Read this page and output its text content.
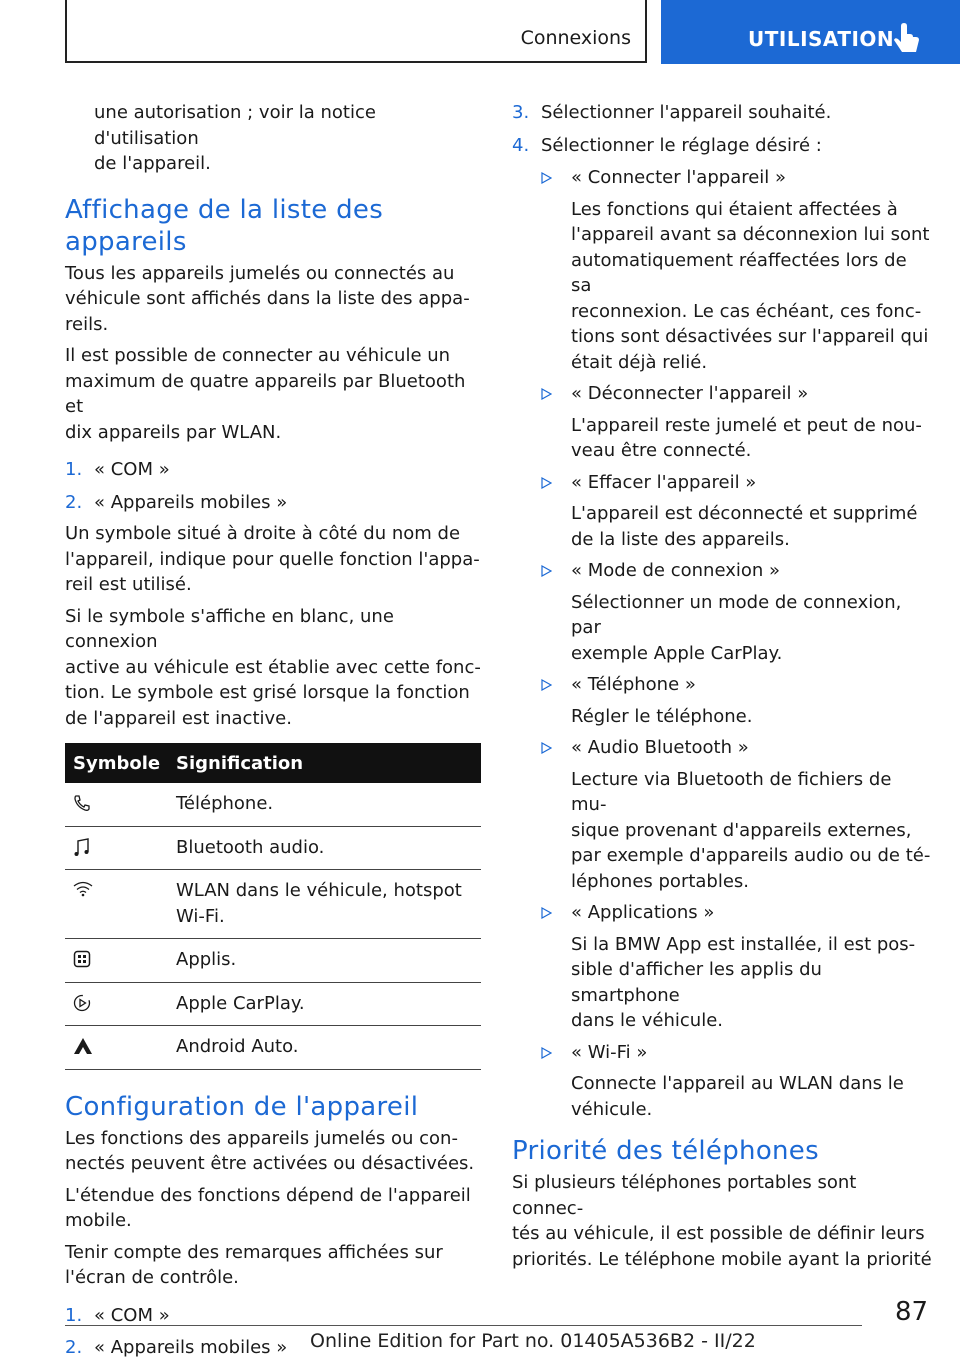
Connexions	UTILISATION

une autorisation ; voir la notice d'utilisation

de l'appareil.

Affichage de la liste des appareils

Tous les appareils jumelés ou connectés au

véhicule sont affichés dans la liste des appa-

reils.

Il est possible de connecter au véhicule un

maximum de quatre appareils par Bluetooth et

dix appareils par WLAN.

1. « COM »
2. « Appareils mobiles »

Un symbole situé à droite à côté du nom de

l'appareil, indique pour quelle fonction l'appa-

reil est utilisé.

Si le symbole s'affiche en blanc, une connexion

active au véhicule est établie avec cette fonc-

tion. Le symbole est grisé lorsque la fonction

de l'appareil est inactive.

Symbole	Signification

Téléphone.

Bluetooth audio.

WLAN dans le véhicule, hotspot
Wi-Fi.

Applis.

Apple CarPlay.

Android Auto.
Configuration de l'appareil

Les fonctions des appareils jumelés ou con-

nectés peuvent être activées ou désactivées.

L'étendue des fonctions dépend de l'appareil

mobile.

Tenir compte des remarques affichées sur

l'écran de contrôle.

1. « COM »
2. « Appareils mobiles »
3. Sélectionner l'appareil souhaité.
4. Sélectionner le réglage désiré :
« Connecter l'appareil »
Les fonctions qui étaient affectées à
l'appareil avant sa déconnexion lui sont
automatiquement réaffectées lors de sa
reconnexion. Le cas échéant, ces fonc-
tions sont désactivées sur l'appareil qui
était déjà relié.
« Déconnecter l'appareil »
L'appareil reste jumelé et peut de nou-
veau être connecté.
« Effacer l'appareil »
L'appareil est déconnecté et supprimé
de la liste des appareils.
« Mode de connexion »
Sélectionner un mode de connexion, par
exemple Apple CarPlay.
« Téléphone »
Régler le téléphone.
« Audio Bluetooth »
Lecture via Bluetooth de fichiers de mu-
sique provenant d'appareils externes,
par exemple d'appareils audio ou de té-
léphones portables.
« Applications »
Si la BMW App est installée, il est pos-
sible d'afficher les applis du smartphone
dans le véhicule.
« Wi-Fi »
Connecte l'appareil au WLAN dans le
véhicule.
Priorité des téléphones

Si plusieurs téléphones portables sont connec-

tés au véhicule, il est possible de définir leurs

priorités. Le téléphone mobile ayant la priorité

87
Online Edition for Part no. 01405A536B2 - II/22
